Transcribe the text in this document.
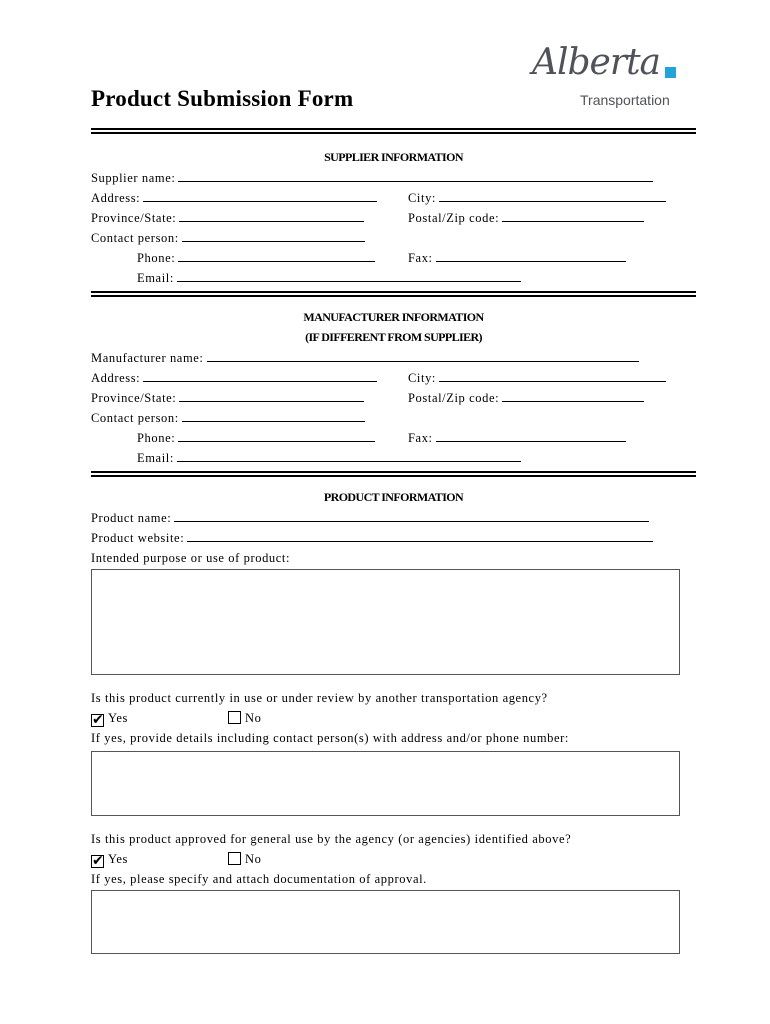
Product Submission Form
Alberta
Transportation
SUPPLIER INFORMATION
Supplier name:
Address:	City:
Province/State:	Postal/Zip code:
Contact person:
Phone:	Fax:
Email:
MANUFACTURER INFORMATION
(IF DIFFERENT FROM SUPPLIER)
Manufacturer name:
Address:	City:
Province/State:	Postal/Zip code:
Contact person:
Phone:	Fax:
Email:
PRODUCT INFORMATION
Product name:
Product website:
Intended purpose or use of product:
Is this product currently in use or under review by another transportation agency?
✔ Yes	No
If yes, provide details including contact person(s) with address and/or phone number:
Is this product approved for general use by the agency (or agencies) identified above?
✔ Yes	No
If yes, please specify and attach documentation of approval.
